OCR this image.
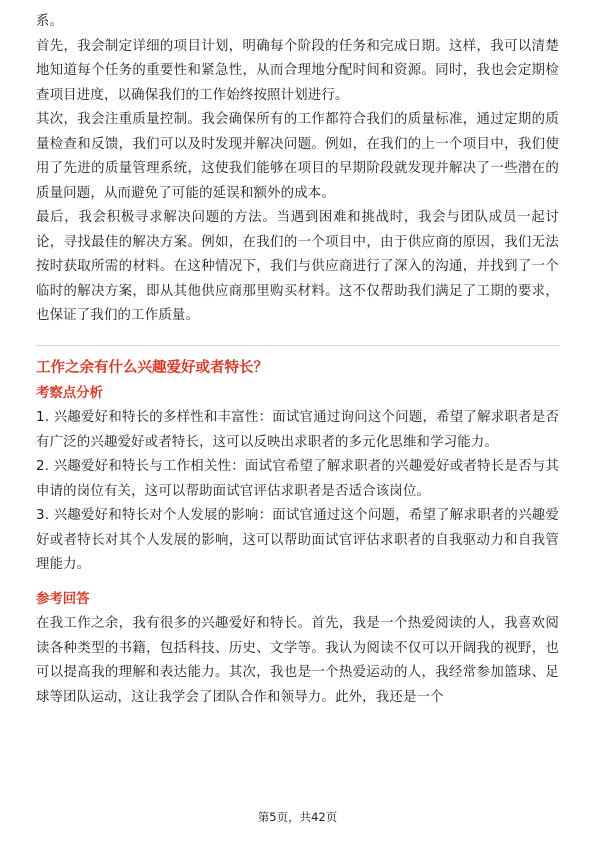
系。

首先，我会制定详细的项目计划，明确每个阶段的任务和完成日期。这样，我可以清楚地知道每个任务的重要性和紧急性，从而合理地分配时间和资源。同时，我也会定期检查项目进度，以确保我们的工作始终按照计划进行。

其次，我会注重质量控制。我会确保所有的工作都符合我们的质量标准，通过定期的质量检查和反馈，我们可以及时发现并解决问题。例如，在我们的上一个项目中，我们使用了先进的质量管理系统，这使我们能够在项目的早期阶段就发现并解决了一些潜在的质量问题，从而避免了可能的延误和额外的成本。

最后，我会积极寻求解决问题的方法。当遇到困难和挑战时，我会与团队成员一起讨论，寻找最佳的解决方案。例如，在我们的一个项目中，由于供应商的原因，我们无法按时获取所需的材料。在这种情况下，我们与供应商进行了深入的沟通，并找到了一个临时的解决方案，即从其他供应商那里购买材料。这不仅帮助我们满足了工期的要求，也保证了我们的工作质量。

工作之余有什么兴趣爱好或者特长？

考察点分析

1. 兴趣爱好和特长的多样性和丰富性：面试官通过询问这个问题，希望了解求职者是否有广泛的兴趣爱好或者特长，这可以反映出求职者的多元化思维和学习能力。

2. 兴趣爱好和特长与工作相关性：面试官希望了解求职者的兴趣爱好或者特长是否与其申请的岗位有关，这可以帮助面试官评估求职者是否适合该岗位。

3. 兴趣爱好和特长对个人发展的影响：面试官通过这个问题，希望了解求职者的兴趣爱好或者特长对其个人发展的影响，这可以帮助面试官评估求职者的自我驱动力和自我管理能力。

参考回答

在我工作之余，我有很多的兴趣爱好和特长。首先，我是一个热爱阅读的人，我喜欢阅读各种类型的书籍，包括科技、历史、文学等。我认为阅读不仅可以开阔我的视野，也可以提高我的理解和表达能力。其次，我也是一个热爱运动的人，我经常参加篮球、足球等团队运动，这让我学会了团队合作和领导力。此外，我还是一个

第5页，共42页
